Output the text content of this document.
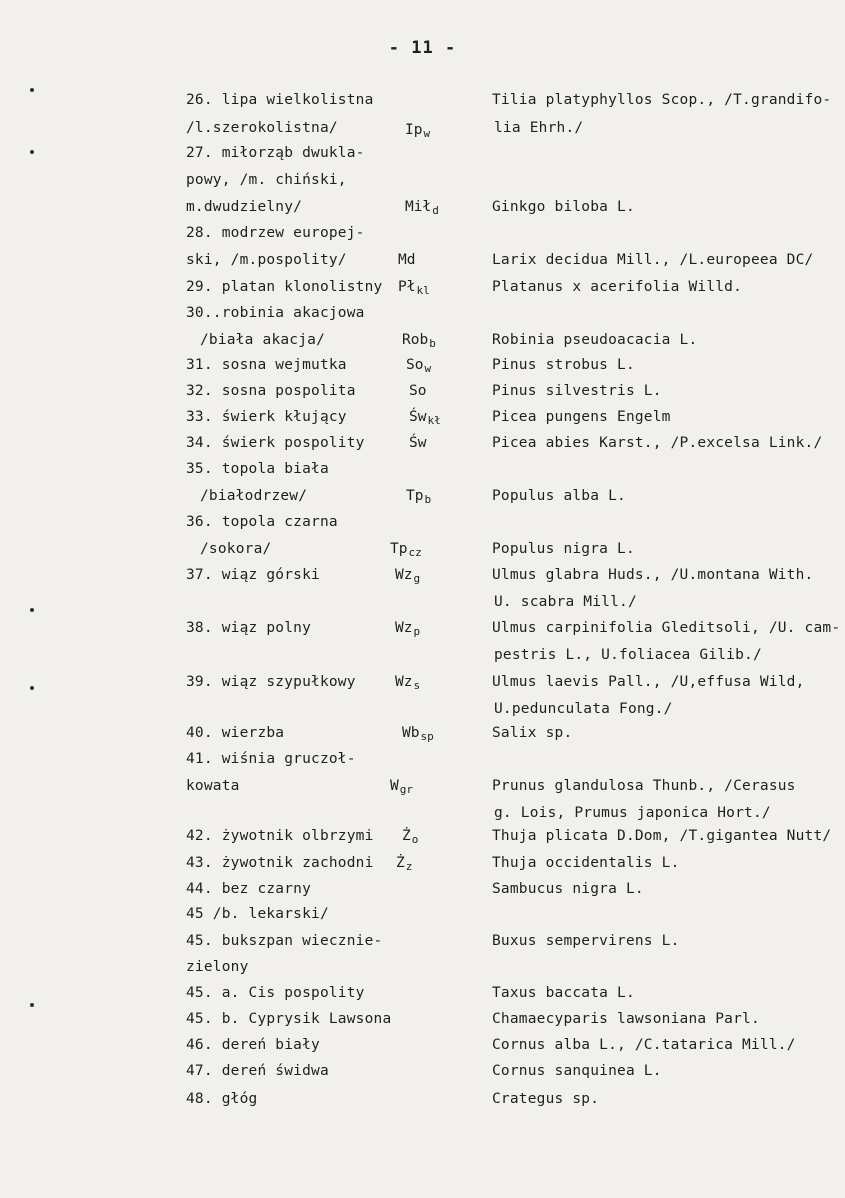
- 11 -
26. lipa wielkolistna
/l.szerokolistna/	$Ip_w$
Tilia platyphyllos Scop., /T.grandifo-
lia Ehrh./
27. miłorząb dwukla-
powy, /m. chiński,
m.dwudzielny/	Mił$_d$	Ginkgo biloba L.
28. modrzew europej-
ski, /m.pospolity/	Md	Larix decidua Mill., /L.europeea DC/
29. platan klonolistny $Pł_{kl}$	Platanus x acerifolia Willd.
30..robinia akacjowa
/biała akacja/	Rob$_b$	Robinia pseudoacacia L.
31. sosna wejmutka	$So_w$	Pinus strobus L.
32. sosna pospolita	So	Pinus silvestris L.
33. świerk kłujący	$Św_{kł}$	Picea pungens Engelm
34. świerk pospolity	Św	Picea abies Karst., /P.excelsa Link./
35. topola biała
/białodrzew/	$Tp_b$	Populus alba L.
36. topola czarna
/sokora/	$Tp_{cz}$	Populus nigra L.
37. wiąz górski	$Wz_g$	Ulmus glabra Huds., /U.montana With.
U. scabra Mill./
38. wiąz polny	$Wz_p$	Ulmus carpinifolia Gleditsoli, /U. cam-
pestris L., U.foliacea Gilib./
39. wiąz szypułkowy	$Wz_s$	Ulmus laevis Pall., /U,effusa Wild,
U.pedunculata Fong./
40. wierzba	$Wb_{sp}$	Salix sp.
41. wiśnia gruczoł-
kowata	$W_{gr}$	Prunus glandulosa Thunb., /Cerasus
g. Lois, Prumus japonica Hort./
42. żywotnik olbrzymi $Ż_o$	Thuja plicata D.Dom, /T.gigantea Nutt/
43. żywotnik zachodni $Ż_z$	Thuja occidentalis L.
44. bez czarny	Sambucus nigra L.
45 /b. lekarski/
45. bukszpan wiecznie-
zielony
Buxus sempervirens L.
45. a. Cis pospolity	Taxus baccata L.
45. b. Cyprysik Lawsona	Chamaecyparis lawsoniana Parl.
46. dereń biały	Cornus alba L., /C.tatarica Mill./
47. dereń świdwa	Cornus sanquinea L.
48. głóg	Crategus sp.
